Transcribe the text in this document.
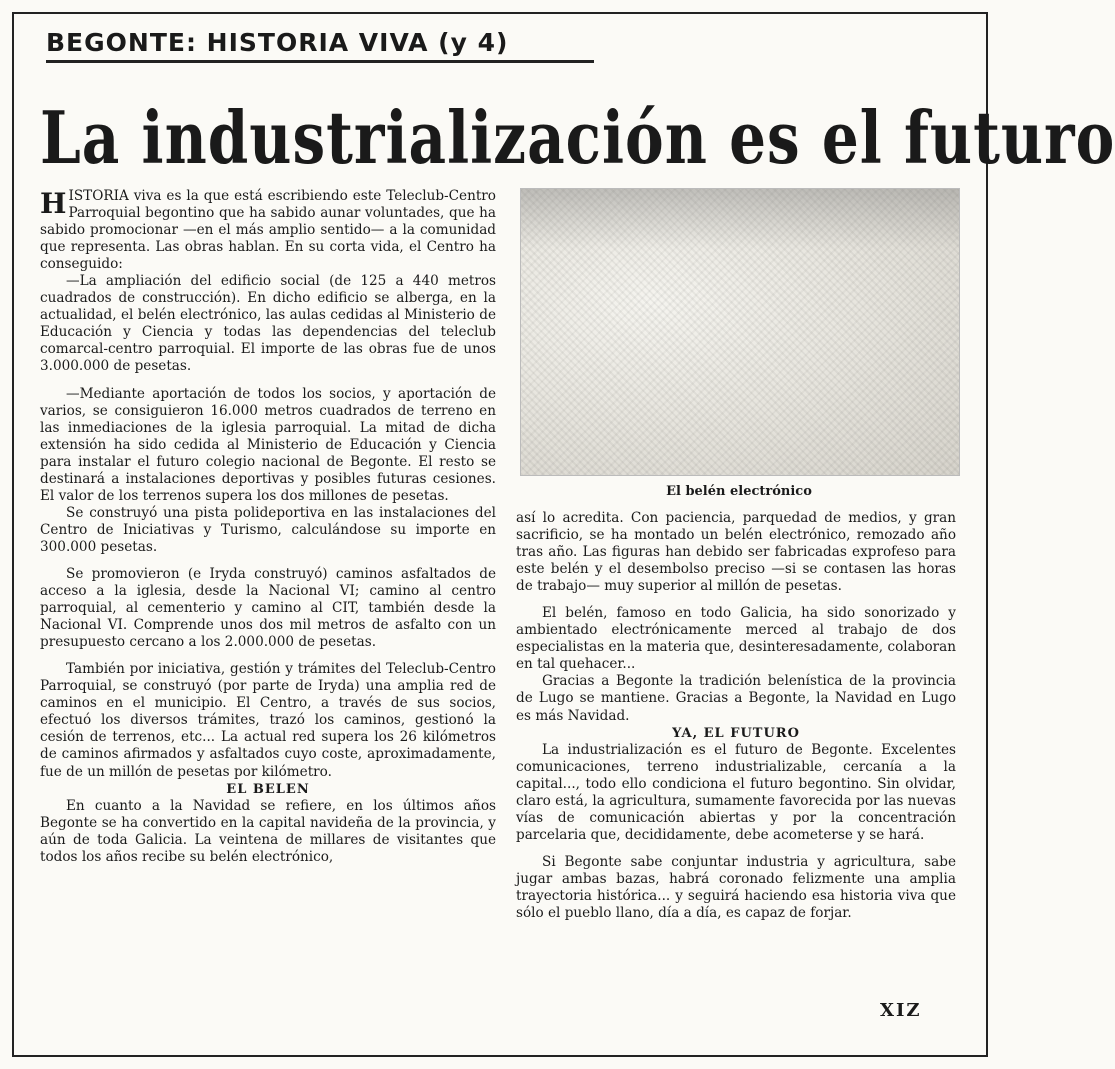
BEGONTE: HISTORIA VIVA (y 4)
La industrialización es el futuro

HISTORIA viva es la que está escribiendo este Teleclub-Centro Parroquial begontino que ha sabido aunar voluntades, que ha sabido promocionar —en el más amplio sentido— a la comunidad que representa. Las obras hablan. En su corta vida, el Centro ha conseguido:

—La ampliación del edificio social (de 125 a 440 metros cuadrados de construcción). En dicho edificio se alberga, en la actualidad, el belén electrónico, las aulas cedidas al Ministerio de Educación y Ciencia y todas las dependencias del teleclub comarcal-centro parroquial. El importe de las obras fue de unos 3.000.000 de pesetas.

—Mediante aportación de todos los socios, y aportación de varios, se consiguieron 16.000 metros cuadrados de terreno en las inmediaciones de la iglesia parroquial. La mitad de dicha extensión ha sido cedida al Ministerio de Educación y Ciencia para instalar el futuro colegio nacional de Begonte. El resto se destinará a instalaciones deportivas y posibles futuras cesiones. El valor de los terrenos supera los dos millones de pesetas.

Se construyó una pista polideportiva en las instalaciones del Centro de Iniciativas y Turismo, calculándose su importe en 300.000 pesetas.

Se promovieron (e Iryda construyó) caminos asfaltados de acceso a la iglesia, desde la Nacional VI; camino al centro parroquial, al cementerio y camino al CIT, también desde la Nacional VI. Comprende unos dos mil metros de asfalto con un presupuesto cercano a los 2.000.000 de pesetas.

También por iniciativa, gestión y trámites del Teleclub-Centro Parroquial, se construyó (por parte de Iryda) una amplia red de caminos en el municipio. El Centro, a través de sus socios, efectuó los diversos trámites, trazó los caminos, gestionó la cesión de terrenos, etc... La actual red supera los 26 kilómetros de caminos afirmados y asfaltados cuyo coste, aproximadamente, fue de un millón de pesetas por kilómetro.

EL BELEN

En cuanto a la Navidad se refiere, en los últimos años Begonte se ha convertido en la capital navideña de la provincia, y aún de toda Galicia. La veintena de millares de visitantes que todos los años recibe su belén electrónico,

El belén electrónico

así lo acredita. Con paciencia, parquedad de medios, y gran sacrificio, se ha montado un belén electrónico, remozado año tras año. Las figuras han debido ser fabricadas exprofeso para este belén y el desembolso preciso —si se contasen las horas de trabajo— muy superior al millón de pesetas.

El belén, famoso en todo Galicia, ha sido sonorizado y ambientado electrónicamente merced al trabajo de dos especialistas en la materia que, desinteresadamente, colaboran en tal quehacer...

Gracias a Begonte la tradición belenística de la provincia de Lugo se mantiene. Gracias a Begonte, la Navidad en Lugo es más Navidad.

YA, EL FUTURO

La industrialización es el futuro de Begonte. Excelentes comunicaciones, terreno industrializable, cercanía a la capital..., todo ello condiciona el futuro begontino. Sin olvidar, claro está, la agricultura, sumamente favorecida por las nuevas vías de comunicación abiertas y por la concentración parcelaria que, decididamente, debe acometerse y se hará.

Si Begonte sabe conjuntar industria y agricultura, sabe jugar ambas bazas, habrá coronado felizmente una amplia trayectoria histórica... y seguirá haciendo esa historia viva que sólo el pueblo llano, día a día, es capaz de forjar.

XIZ
